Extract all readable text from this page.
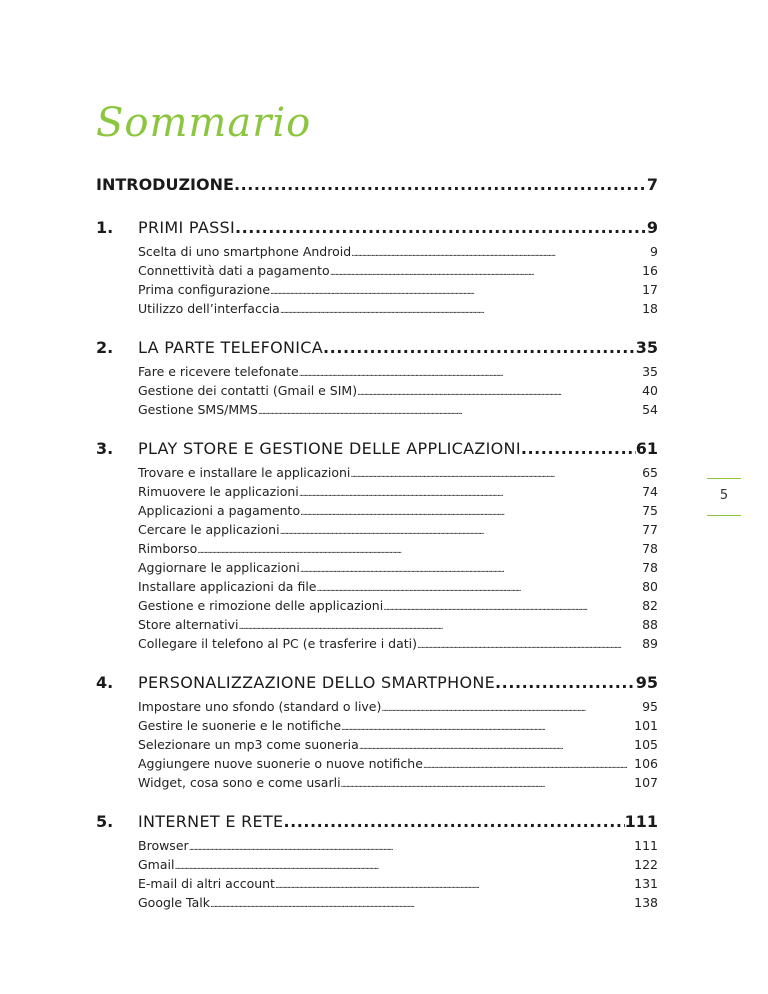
Sommario
INTRODUZIONE . . .	7
1.	PRIMI PASSI . . .	9
Scelta di uno smartphone Android . . .	9
Connettività dati a pagamento . . .	16
Prima configurazione . . .	17
Utilizzo dell’interfaccia . . .	18
2.	LA PARTE TELEFONICA . . .	35
Fare e ricevere telefonate . . .	35
Gestione dei contatti (Gmail e SIM) . . .	40
Gestione SMS/MMS . . .	54
3.	PLAY STORE E GESTIONE DELLE APPLICAZIONI . . .	61
Trovare e installare le applicazioni . . .	65
Rimuovere le applicazioni . . .	74
Applicazioni a pagamento . . .	75
Cercare le applicazioni . . .	77
Rimborso . . .	78
Aggiornare le applicazioni . . .	78
Installare applicazioni da file . . .	80
Gestione e rimozione delle applicazioni . . .	82
Store alternativi . . .	88
Collegare il telefono al PC (e trasferire i dati) . . .	89
4.	PERSONALIZZAZIONE DELLO SMARTPHONE . . .	95
Impostare uno sfondo (standard o live) . . .	95
Gestire le suonerie e le notifiche . . .	101
Selezionare un mp3 come suoneria . . .	105
Aggiungere nuove suonerie o nuove notifiche . . .	106
Widget, cosa sono e come usarli . . .	107
5.	INTERNET E RETE . . .	111
Browser . . .	111
Gmail . . .	122
E-mail di altri account . . .	131
Google Talk . . .	138
5
